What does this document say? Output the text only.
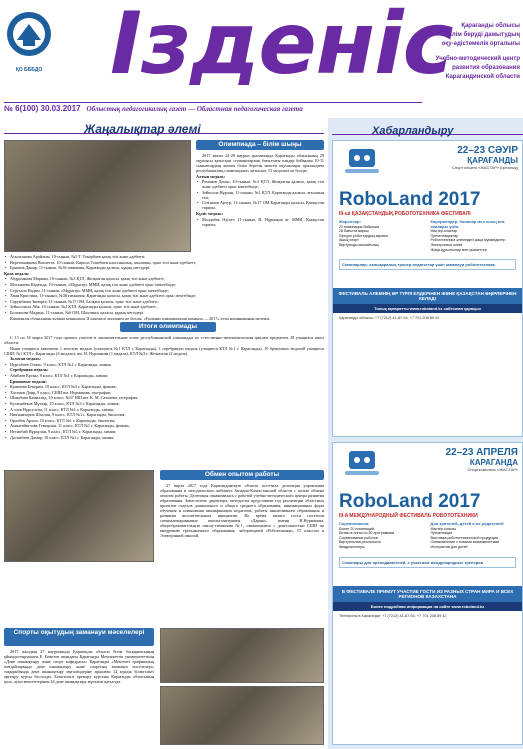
ҚО БББДО Ізденіс	Қарағанды облысы
білім беруді дамытудың
оқу-әдістемелік орталығы
Учебно-методический центр
развития образования
Карагандинской области
№ 6(100) 30.03.2017 Облыстық педагогикалық газет — Областная педагогическая газета
Жаңалықтар әлемі
Олимпиада – білім шыңы

2017 жылы 24-29 наурыз аралығында Қарағанды облысының 29 оқушысы қатысқан «гуманитарлық бағыттағы пәндер бойынша 10-11 сыныптардың жалпы білім беретін мектеп оқушылары арасындағы республикалық олимпиадаға» қатысып, 15 медальға ие болды.

Алтын медаль:

• Романов Денис, 10-сынып, №3 ҚТЛ, Жезқазған қаласы, қазақ тілі және әдебиеті орыс мектебінде;

• Зейнолла Нұрлан, 11-сынып, №1 ҚТЛ, Қарағанды қаласы, ағылшын тілі;

• Степанов Артур, 11-сынып, №17 ОМ Қарағанды қаласы, Қазақстан тарихы.

Күміс медаль:

• Молдабек Әділет, 11-сынып, Н. Нұрмақов ат. ММИ, Қазақстан тарихы;

• Асылханова Арайлым, 10-сынып, №5 Т. Темірбаев қазақ тілі және әдебиеті;

• Веретенникова Виолетта, 10-сынып, Кирилл Тешебаев классикалық, ағылшын, орыс тілі және әдебиеті;

• Ерназов Данир, 11-сынып, №36 гимназия, Қарағанды қаласы, құқық негіздері.

Қола медаль:

• Абдразакова Мариям, 10-сынып, №3 ҚТЛ, Жезқазған қаласы, қазақ тілі және әдебиеті;

• Мосьянова Надежда, 10-сынып, «Мұрагер» ММИ, қазақ тілі және әдебиеті орыс мектебінде;

• Струхало Вадим, 11-сынып, «Мұрагер» ММИ, қазақ тілі және әдебиеті орыс мектебінде;

• Хван Кристина, 11-сынып, №38 гимназия, Қарағанды қаласы, қазақ тілі және әдебиеті орыс мектебінде;

• Сарумбаева Зимарға, 11-сынып, №17 ОМ, Балқаш қаласы, орыс тілі және әдебиеті;

• Зейнолласы Айя, 10-сынып, №2 ҚТЛ, Қарағанды қаласы, орыс тілі және әдебиеті;

• Болтанова Мадина, 11-сынып, №6 ОМ, Шахтинск қаласы, құқық негіздері.

Қарағанды облысының құрама командасы II дәрежелі дипломға ие болды. «Ғылыми олимпиадалар команда — 2017» атты номинацияны иеленді.

Итоги олимпиады

С 13 по 18 марта 2017 года прошел участие в заключительном этапе республиканской олимпиады по естественно-математическим циклам предметов 28 учащихся школ области.

Наши учащиеся завоевали 1 золотую медаль (учащиеся №1 КТЛ г. Караганды), 1 серебряную медаль (учащиеся КТЛ №1 г. Караганды), 10 бронзовых медалей учащиеся СШИ: №1 КТЛ г. Караганды (6 медали), им. Н. Нурмакова (1 медаль), КТЛ №3 г. Жезказган (2 медаль).

Золотая медаль:

• Нургабаев Олжас, 9 класс, КТЛ №1 г. Караганды, химия;

Серебряная медаль:

• Абибаев Ерсын, 9 класс, КТЛ №1 г. Караганды, химия;

Бронзовые медали:

• Кумкаева Бекарим, 10 класс, КТЛ №3 г. Караганды, физика;

• Хасенов Даир, 9 класс, СШИ им. Нурмакова, география;

• Шмыбова Камиллад, 10 класс, №37 НШ им. К. М. Сатпаева, география;

• Кусаинбеков Мұтлар, 10 класс, КТЛ №3 г. Караганды, химия;

• А.тлев Нұрсултан, 11 класс, КТЛ №1 г. Караганды, химия;

• Ниязымхоров Шахлан, 9 класс, КТЛ №1 г. Караганды, биология;

• Оралбек Арлон, 10 класс, КТЛ №1 г. Караганды, биология;

• Амантайкелова Темирлан, 11 класс, КТЛ №1 г. Караганды, физика;

• Несипбай Нұрхулан, 9 класс, КТЛ №1 г. Караганды, химия;

• Досмабаев Дамир, 10 класс, КТЛ №1 г. Караганды, химия.

Обмен опытом работы
27 марта 2017 года Карагандинскую область посетила делегация управления образования и методического кабинета Западно-Казахстанской области с целью обмена опытом работы. Делегация ознакомилась с работой учебно-методического центра развития образования. Заместитель директора, методисты представили год реализации областных проектов отделов дошкольного и общего среднего образования, инновационных форм обучения и повышения квалификации педагогов, работы инклюзивного образования и развития воспитательных инициатив. Во время визита гости посетили специализированные школы-интернаты «Дарын», имени Н.Нурмакова, общеобразовательную школу-гимназию №1, ознакомились с деятельностью СШИ по внедрению трехъязычного образования, лабораторией «Роботехники», IT классом и Электронной школой.
Спорты оқытудың заманауи мәселелері
2017 жылдың 27 наурызында Қарағанды облысы білім басқармасының ұйымдастыруымен Е. Бөкетов атындағы Қарағанды Мемлекеттік университетінің «Дене шынықтыру және спорт кафедрасы» Қарағанды «Мектепті ғрафикалық жағдайларында дене шынықтыру және спорттың заманауи мәселелері» тақырыбында дене шынықтыру мұғалімдеріне арналған 12 күндік біліктілікті арттыру курсы басталды. Біліктілікті арттыру курсына Қарағанды облысының қала, ауыл мектептерінен 44 дене шынықтыру мұғалімі қатысуда.
Хабарландыру
22–23 СӘУІР
ҚАРАҒАНДЫ
Спорт кешені «ЖАСТАР» (орталық)
RoboLand 2017
III-ші ҚАЗАҚСТАНДЫҚ РОБОТОТЕХНИКА ФЕСТИВАЛІ
Жарыстар:
22 номинация бойынша
28 бағытта жарыс
Әртүрлі роботтардың көрмесі
Ашық спорт
Виртуалды шынайылық
Көрермендер, балалар мен оның ата-аналары үшін:
Мастер-кластар
Презентациялар
Робототехника әлеміндегі жаңа мүмкіндіктер
Электроника әлемі
Жаңа құрылғылар мен қызметтер
Семинарлар: халықаралық тренер-педагогтар үшін заманауи робототехника
ФЕСТИВАЛЬ АЛЕМНІҢ ӘР ТҮРЛІ ЕЛДЕРІНЕН ЖӘНЕ ҚАЗАҚСТАН ӨҢІРЛЕРІНЕН КЕЛЕДІ
Толық ақпаратты www.roboland.kz сайтынан қараңыз
Қарағанды облысы: +7 (7212) 41-87-94, +7 701 208 89 42
22–23 АПРЕЛЯ
КАРАГАНДА
Спорткомплекс «ЖАСТАР»
RoboLand 2017
III-й МЕЖДУНАРОДНЫЙ ФЕСТИВАЛЬ РОБОТОТЕХНИКИ
Соревнования:
Более 20 номинаций
Битвы в лигах по 50 программам
Соревнования роботов
Виртуальная реальность
Квадрокоптеры
Для зрителей, детей и их родителей:
Мастер-классы
Презентации
Выставка робототехнической продукции
Ознакомление с новыми возможностями
Интерактив для детей
Семинары для преподавателей, с участием международных тренеров
В ФЕСТИВАЛЕ ПРИМУТ УЧАСТИЕ ГОСТИ ИЗ РАЗНЫХ СТРАН МИРА И ВСЕХ РЕГИОНОВ КАЗАХСТАНА
Более подробная информация на сайте www.roboland.kz
Телефоны в Караганде: +7 (7212) 41-87-94, +7 701 208 89 42
